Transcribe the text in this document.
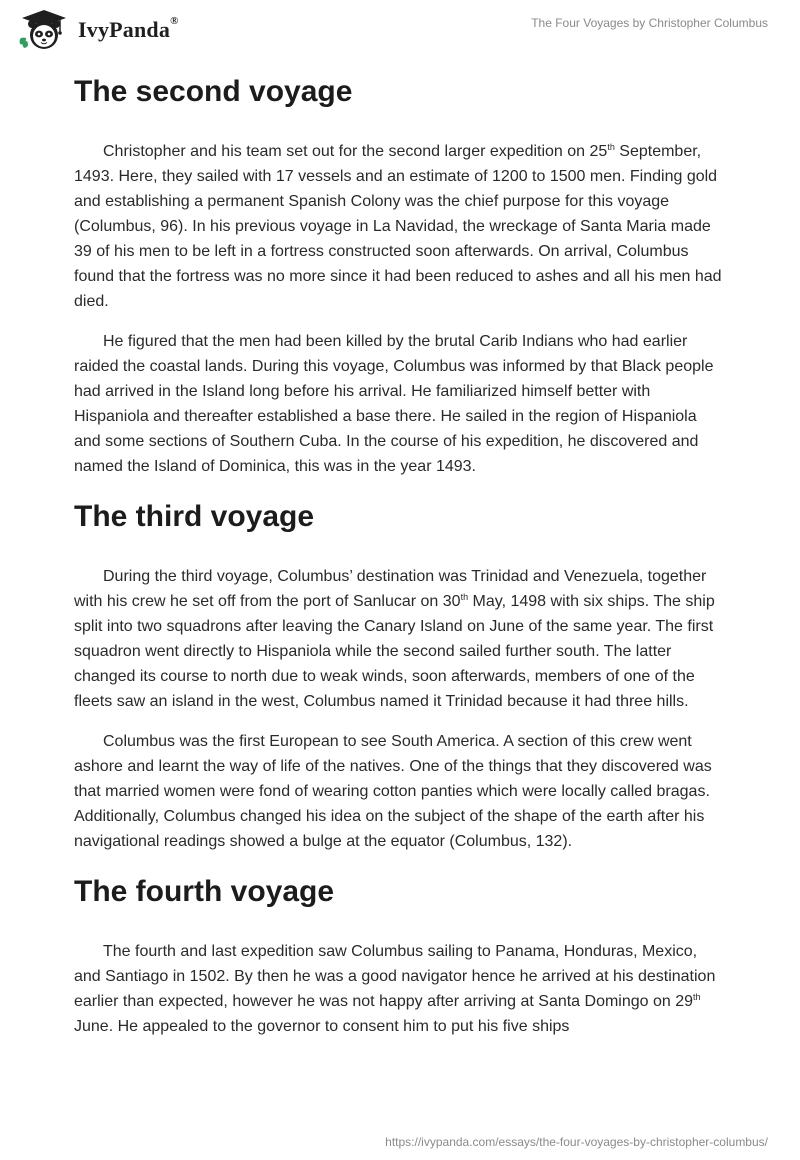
IvyPanda®	The Four Voyages by Christopher Columbus
The second voyage

Christopher and his team set out for the second larger expedition on 25th September, 1493. Here, they sailed with 17 vessels and an estimate of 1200 to 1500 men. Finding gold and establishing a permanent Spanish Colony was the chief purpose for this voyage (Columbus, 96). In his previous voyage in La Navidad, the wreckage of Santa Maria made 39 of his men to be left in a fortress constructed soon afterwards. On arrival, Columbus found that the fortress was no more since it had been reduced to ashes and all his men had died.

He figured that the men had been killed by the brutal Carib Indians who had earlier raided the coastal lands. During this voyage, Columbus was informed by that Black people had arrived in the Island long before his arrival. He familiarized himself better with Hispaniola and thereafter established a base there. He sailed in the region of Hispaniola and some sections of Southern Cuba. In the course of his expedition, he discovered and named the Island of Dominica, this was in the year 1493.

The third voyage

During the third voyage, Columbus’ destination was Trinidad and Venezuela, together with his crew he set off from the port of Sanlucar on 30th May, 1498 with six ships. The ship split into two squadrons after leaving the Canary Island on June of the same year. The first squadron went directly to Hispaniola while the second sailed further south. The latter changed its course to north due to weak winds, soon afterwards, members of one of the fleets saw an island in the west, Columbus named it Trinidad because it had three hills.

Columbus was the first European to see South America. A section of this crew went ashore and learnt the way of life of the natives. One of the things that they discovered was that married women were fond of wearing cotton panties which were locally called bragas. Additionally, Columbus changed his idea on the subject of the shape of the earth after his navigational readings showed a bulge at the equator (Columbus, 132).

The fourth voyage

The fourth and last expedition saw Columbus sailing to Panama, Honduras, Mexico, and Santiago in 1502. By then he was a good navigator hence he arrived at his destination earlier than expected, however he was not happy after arriving at Santa Domingo on 29th June. He appealed to the governor to consent him to put his five ships

https://ivypanda.com/essays/the-four-voyages-by-christopher-columbus/
